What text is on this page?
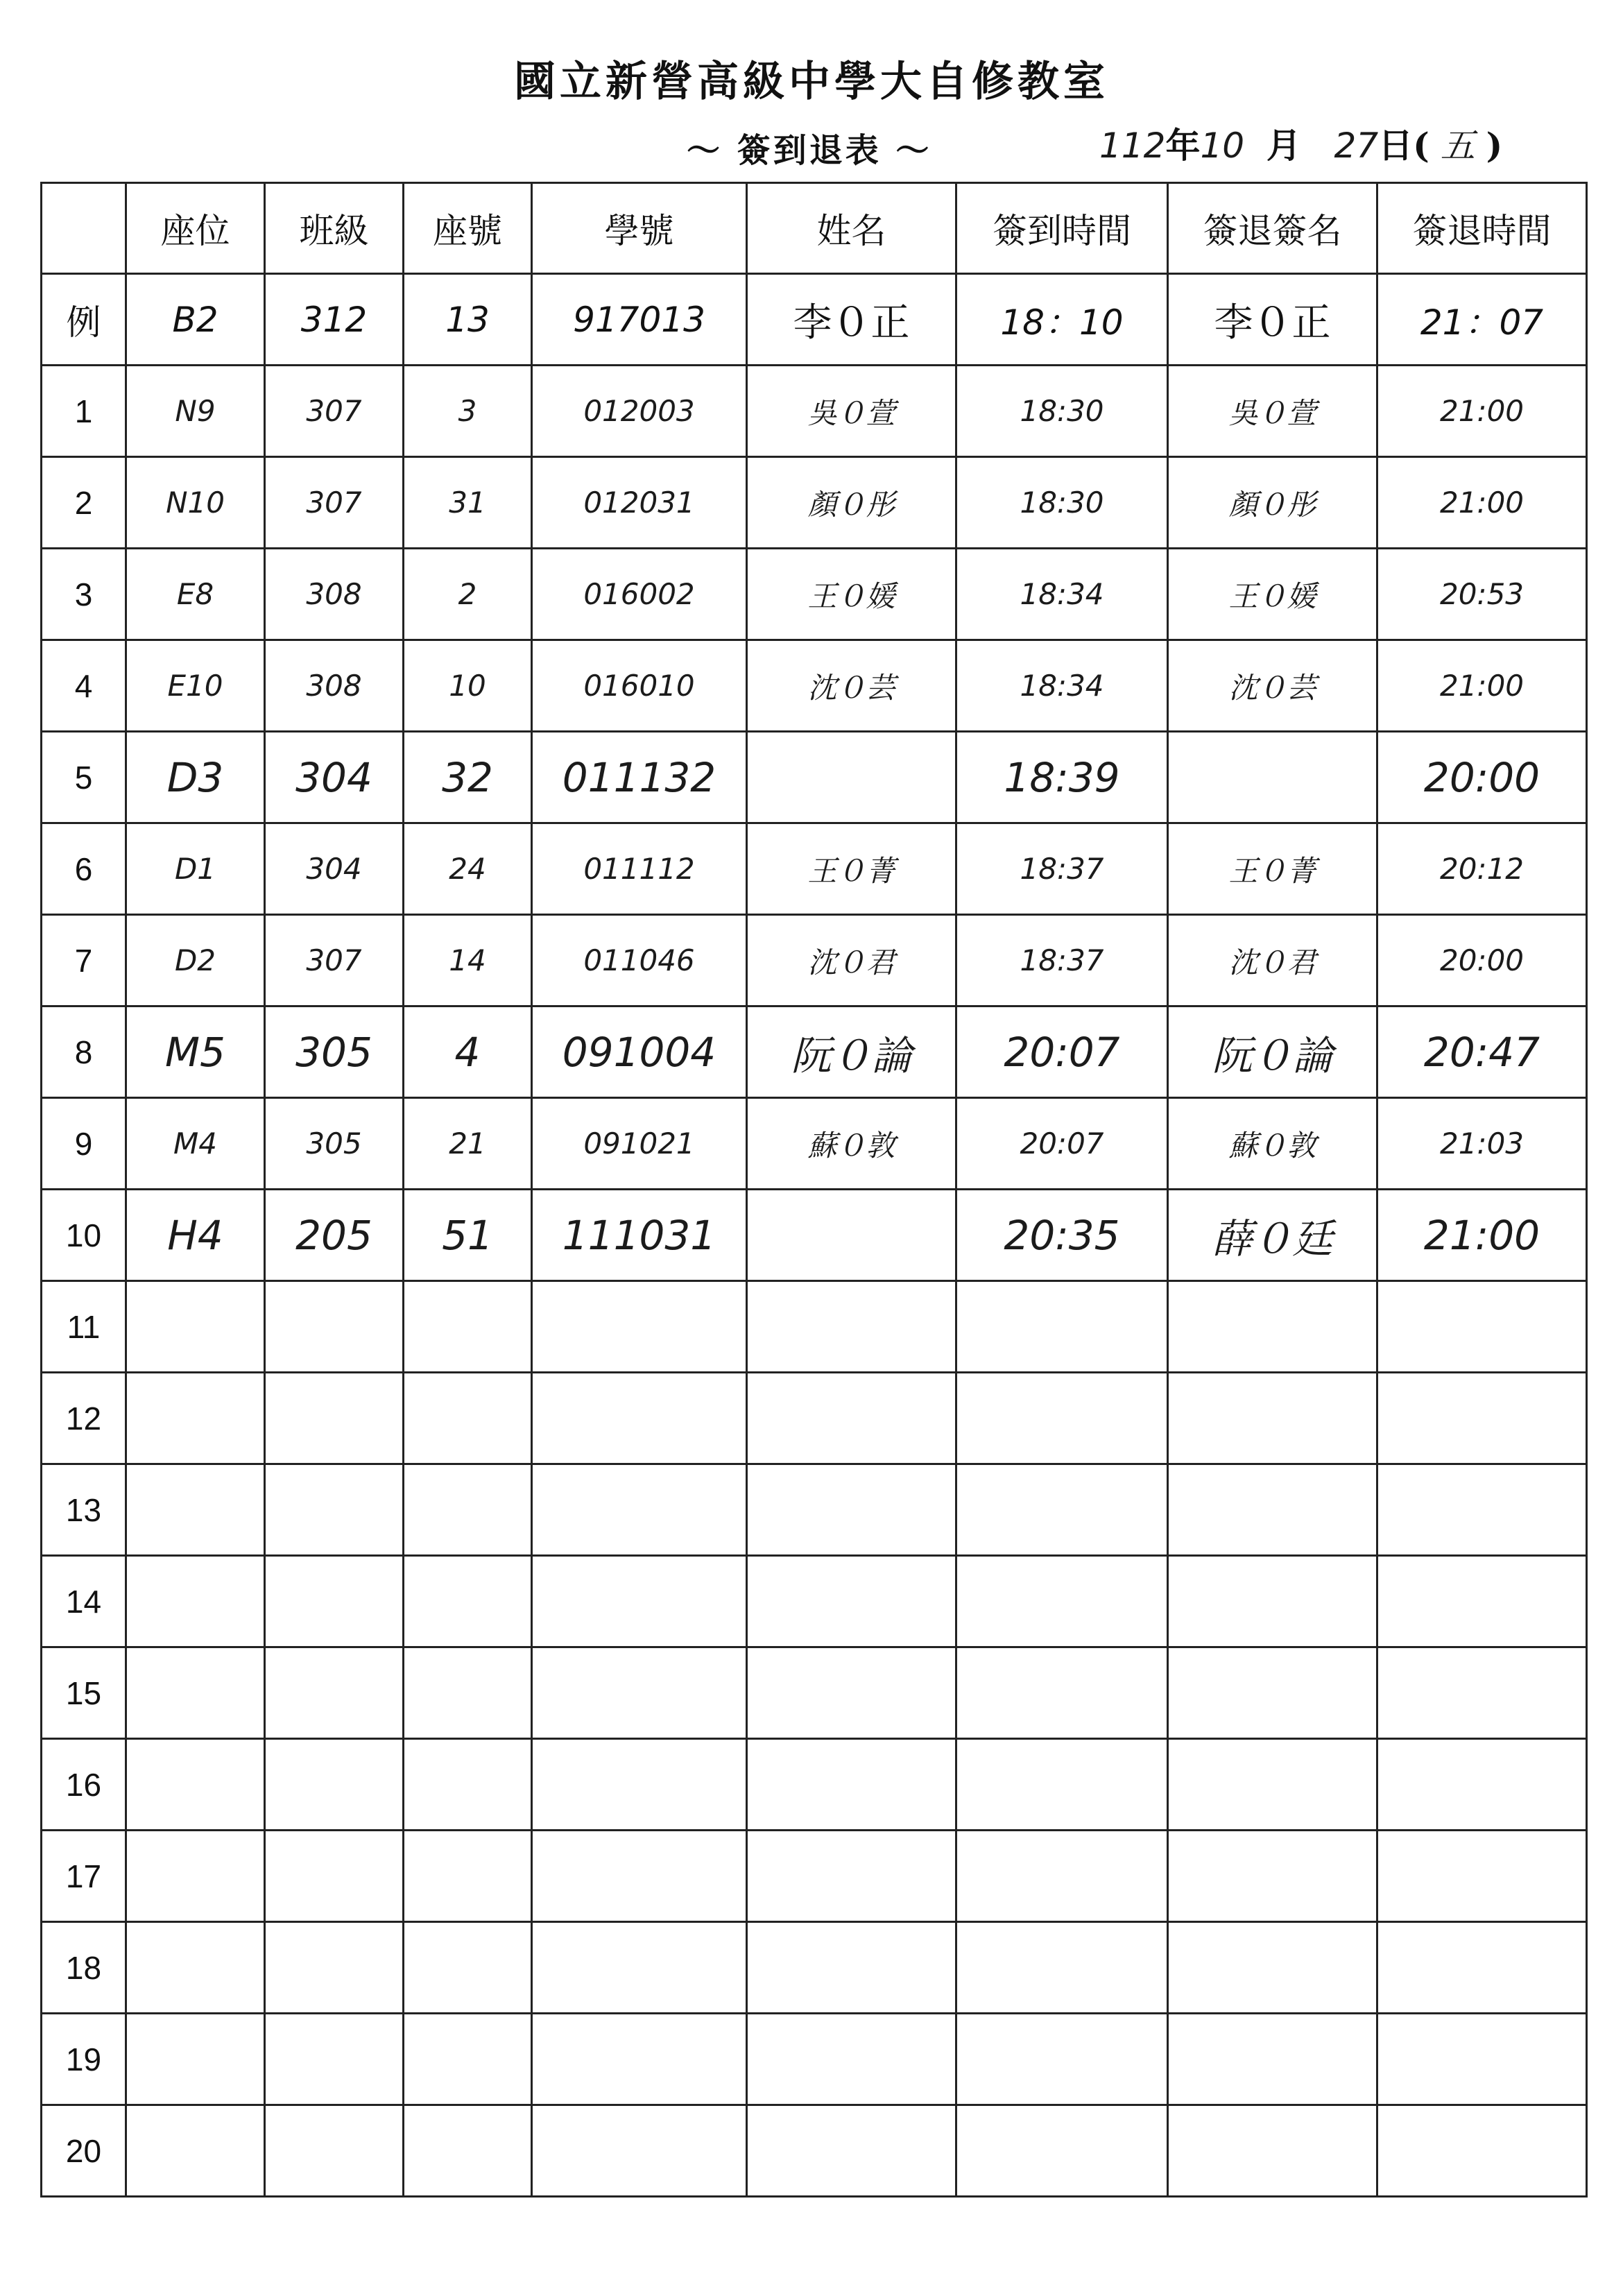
國立新營高級中學大自修教室
～ 簽到退表 ～	112年10 月 27日( 五 )
	座位	班級	座號	學號	姓名	簽到時間	簽退簽名	簽退時間
例	B2	312	13	917013	李０正	18：10	李０正	21：07
1	N9	307	3	012003	吳０萱	18:30	吳０萱	21:00
2	N10	307	31	012031	顏０彤	18:30	顏０彤	21:00
3	E8	308	2	016002	王０媛	18:34	王０媛	20:53
4	E10	308	10	016010	沈０芸	18:34	沈０芸	21:00
5	D3	304	32	011132		18:39		20:00
6	D1	304	24	011112	王０菁	18:37	王０菁	20:12
7	D2	307	14	011046	沈０君	18:37	沈０君	20:00
8	M5	305	4	091004	阮０論	20:07	阮０論	20:47
9	M4	305	21	091021	蘇０敦	20:07	蘇０敦	21:03
10	H4	205	51	111031		20:35	薛０廷	21:00
11								
12								
13								
14								
15								
16								
17								
18								
19								
20								
